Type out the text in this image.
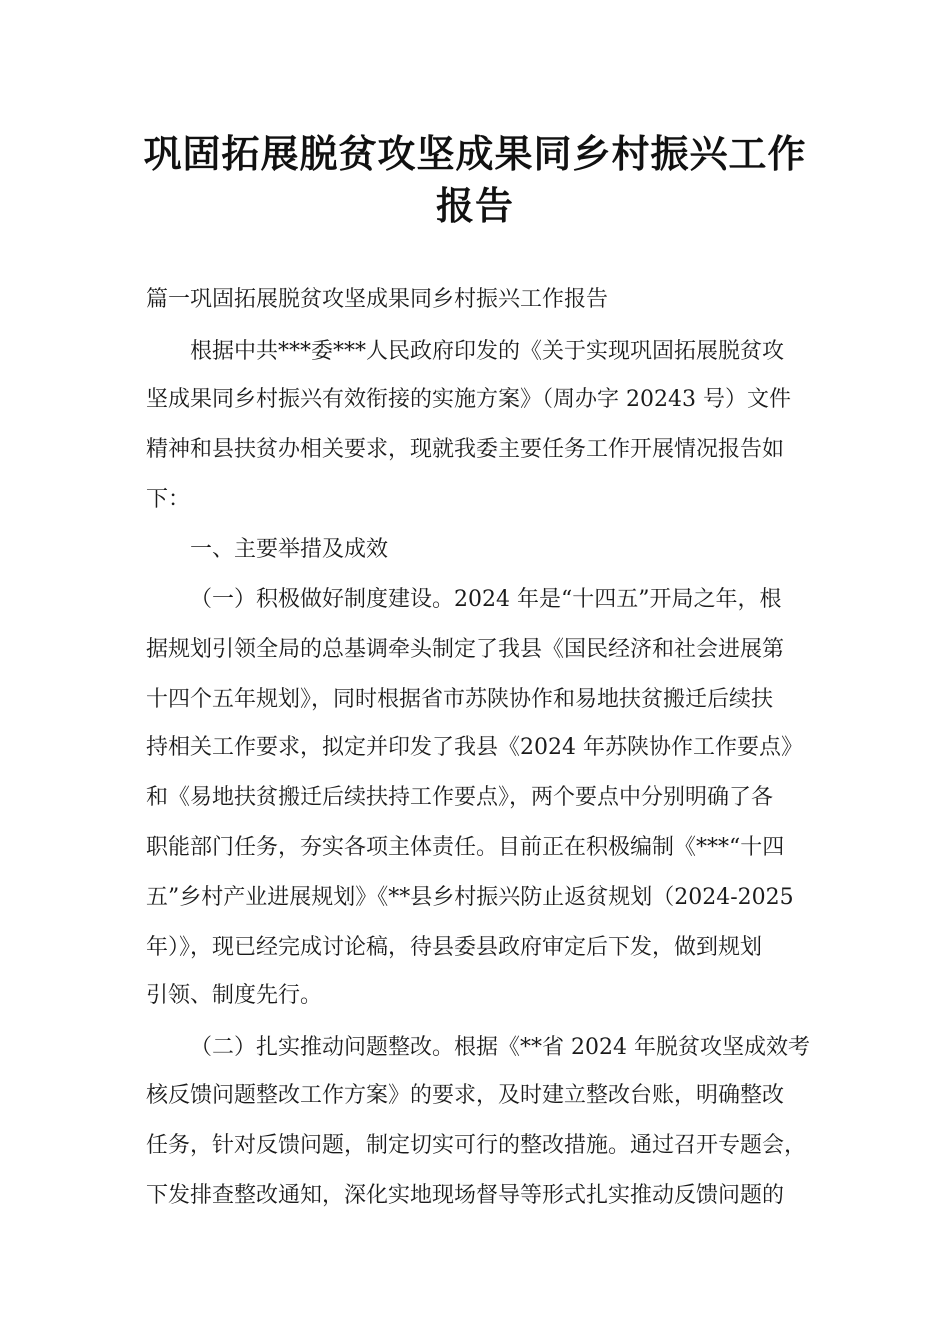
巩固拓展脱贫攻坚成果同乡村振兴工作
报告

篇一巩固拓展脱贫攻坚成果同乡村振兴工作报告

根据中共***委***人民政府印发的《关于实现巩固拓展脱贫攻

坚成果同乡村振兴有效衔接的实施方案》（周办字 20243 号）文件

精神和县扶贫办相关要求，现就我委主要任务工作开展情况报告如

下：

一、主要举措及成效

（一）积极做好制度建设。2024 年是“十四五”开局之年，根

据规划引领全局的总基调牵头制定了我县《国民经济和社会进展第

十四个五年规划》，同时根据省市苏陕协作和易地扶贫搬迁后续扶

持相关工作要求，拟定并印发了我县《2024 年苏陕协作工作要点》

和《易地扶贫搬迁后续扶持工作要点》，两个要点中分别明确了各

职能部门任务，夯实各项主体责任。目前正在积极编制《***“十四

五”乡村产业进展规划》《**县乡村振兴防止返贫规划（2024-2025

年）》，现已经完成讨论稿，待县委县政府审定后下发，做到规划

引领、制度先行。

（二）扎实推动问题整改。根据《**省 2024 年脱贫攻坚成效考

核反馈问题整改工作方案》的要求，及时建立整改台账，明确整改

任务，针对反馈问题，制定切实可行的整改措施。通过召开专题会，

下发排查整改通知，深化实地现场督导等形式扎实推动反馈问题的
